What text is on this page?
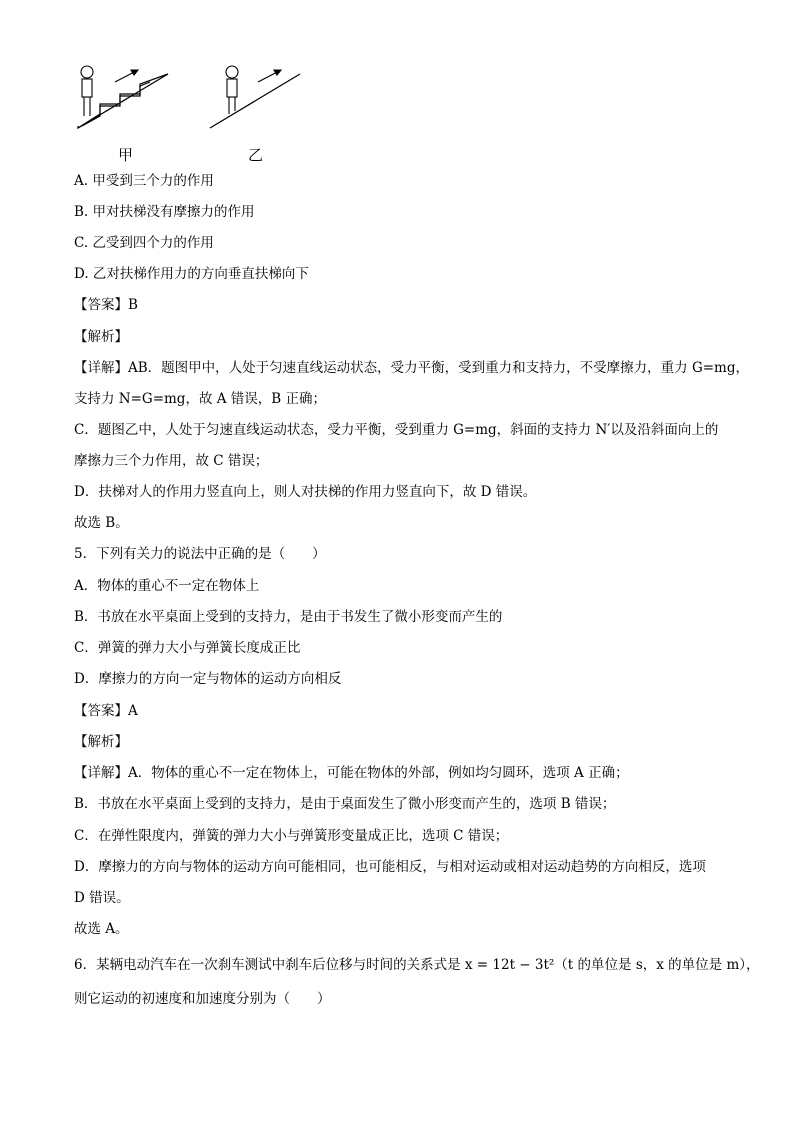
甲	乙
A. 甲受到三个力的作用
B. 甲对扶梯没有摩擦力的作用
C. 乙受到四个力的作用
D. 乙对扶梯作用力的方向垂直扶梯向下
【答案】B
【解析】
【详解】AB．题图甲中，人处于匀速直线运动状态，受力平衡，受到重力和支持力，不受摩擦力，重力 G=mg，
支持力 N=G=mg，故 A 错误，B 正确；
C．题图乙中，人处于匀速直线运动状态，受力平衡，受到重力 G=mg，斜面的支持力 N′以及沿斜面向上的
摩擦力三个力作用，故 C 错误；
D．扶梯对人的作用力竖直向上，则人对扶梯的作用力竖直向下，故 D 错误。
故选 B。
5．下列有关力的说法中正确的是（　　）
A．物体的重心不一定在物体上
B．书放在水平桌面上受到的支持力，是由于书发生了微小形变而产生的
C．弹簧的弹力大小与弹簧长度成正比
D．摩擦力的方向一定与物体的运动方向相反
【答案】A
【解析】
【详解】A．物体的重心不一定在物体上，可能在物体的外部，例如均匀圆环，选项 A 正确；
B．书放在水平桌面上受到的支持力，是由于桌面发生了微小形变而产生的，选项 B 错误；
C．在弹性限度内，弹簧的弹力大小与弹簧形变量成正比，选项 C 错误；
D．摩擦力的方向与物体的运动方向可能相同，也可能相反，与相对运动或相对运动趋势的方向相反，选项
D 错误。
故选 A。
6．某辆电动汽车在一次刹车测试中刹车后位移与时间的关系式是 x = 12t − 3t²（t 的单位是 s，x 的单位是 m），
则它运动的初速度和加速度分别为（　　）
